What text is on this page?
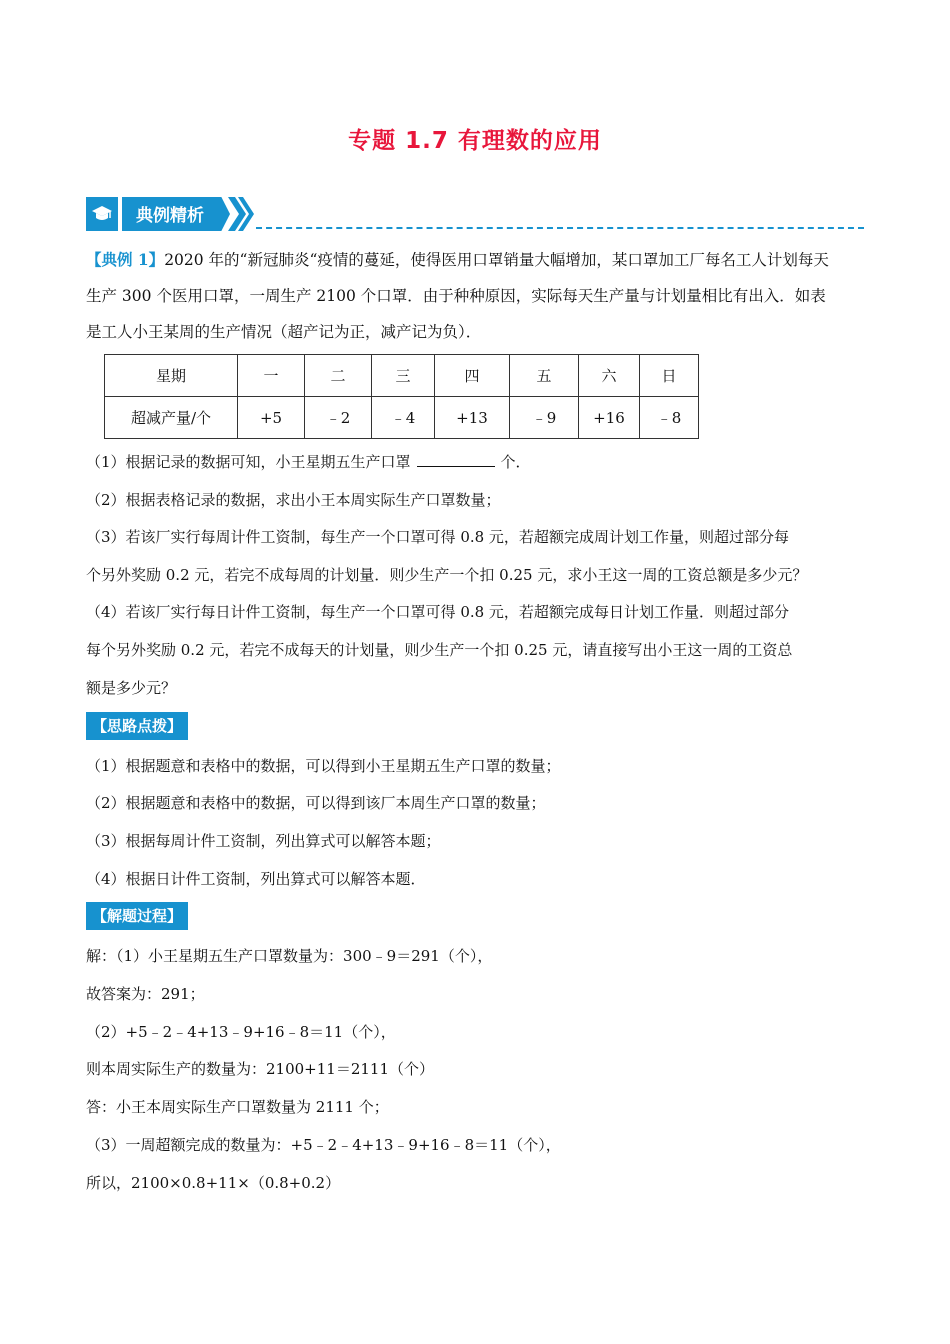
专题 1.7 有理数的应用
典例精析
【典例 1】2020 年的“新冠肺炎“疫情的蔓延，使得医用口罩销量大幅增加，某口罩加工厂每名工人计划每天
生产 300 个医用口罩，一周生产 2100 个口罩．由于种种原因，实际每天生产量与计划量相比有出入．如表
是工人小王某周的生产情况（超产记为正，减产记为负）．
星期	一	二	三	四	五	六	日
超减产量/个	+5	﹣2	﹣4	+13	﹣9	+16	﹣8
（1）根据记录的数据可知，小王星期五生产口罩	个．
（2）根据表格记录的数据，求出小王本周实际生产口罩数量；
（3）若该厂实行每周计件工资制，每生产一个口罩可得 0.8 元，若超额完成周计划工作量，则超过部分每
个另外奖励 0.2 元，若完不成每周的计划量．则少生产一个扣 0.25 元，求小王这一周的工资总额是多少元？
（4）若该厂实行每日计件工资制，每生产一个口罩可得 0.8 元，若超额完成每日计划工作量．则超过部分
每个另外奖励 0.2 元，若完不成每天的计划量，则少生产一个扣 0.25 元，请直接写出小王这一周的工资总
额是多少元？
【思路点拨】
（1）根据题意和表格中的数据，可以得到小王星期五生产口罩的数量；
（2）根据题意和表格中的数据，可以得到该厂本周生产口罩的数量；
（3）根据每周计件工资制，列出算式可以解答本题；
（4）根据日计件工资制，列出算式可以解答本题．
【解题过程】
解：（1）小王星期五生产口罩数量为：300﹣9＝291（个），
故答案为：291；
（2）+5﹣2﹣4+13﹣9+16﹣8＝11（个），
则本周实际生产的数量为：2100+11＝2111（个）
答：小王本周实际生产口罩数量为 2111 个；
（3）一周超额完成的数量为：+5﹣2﹣4+13﹣9+16﹣8＝11（个），
所以，2100×0.8+11×（0.8+0.2）
